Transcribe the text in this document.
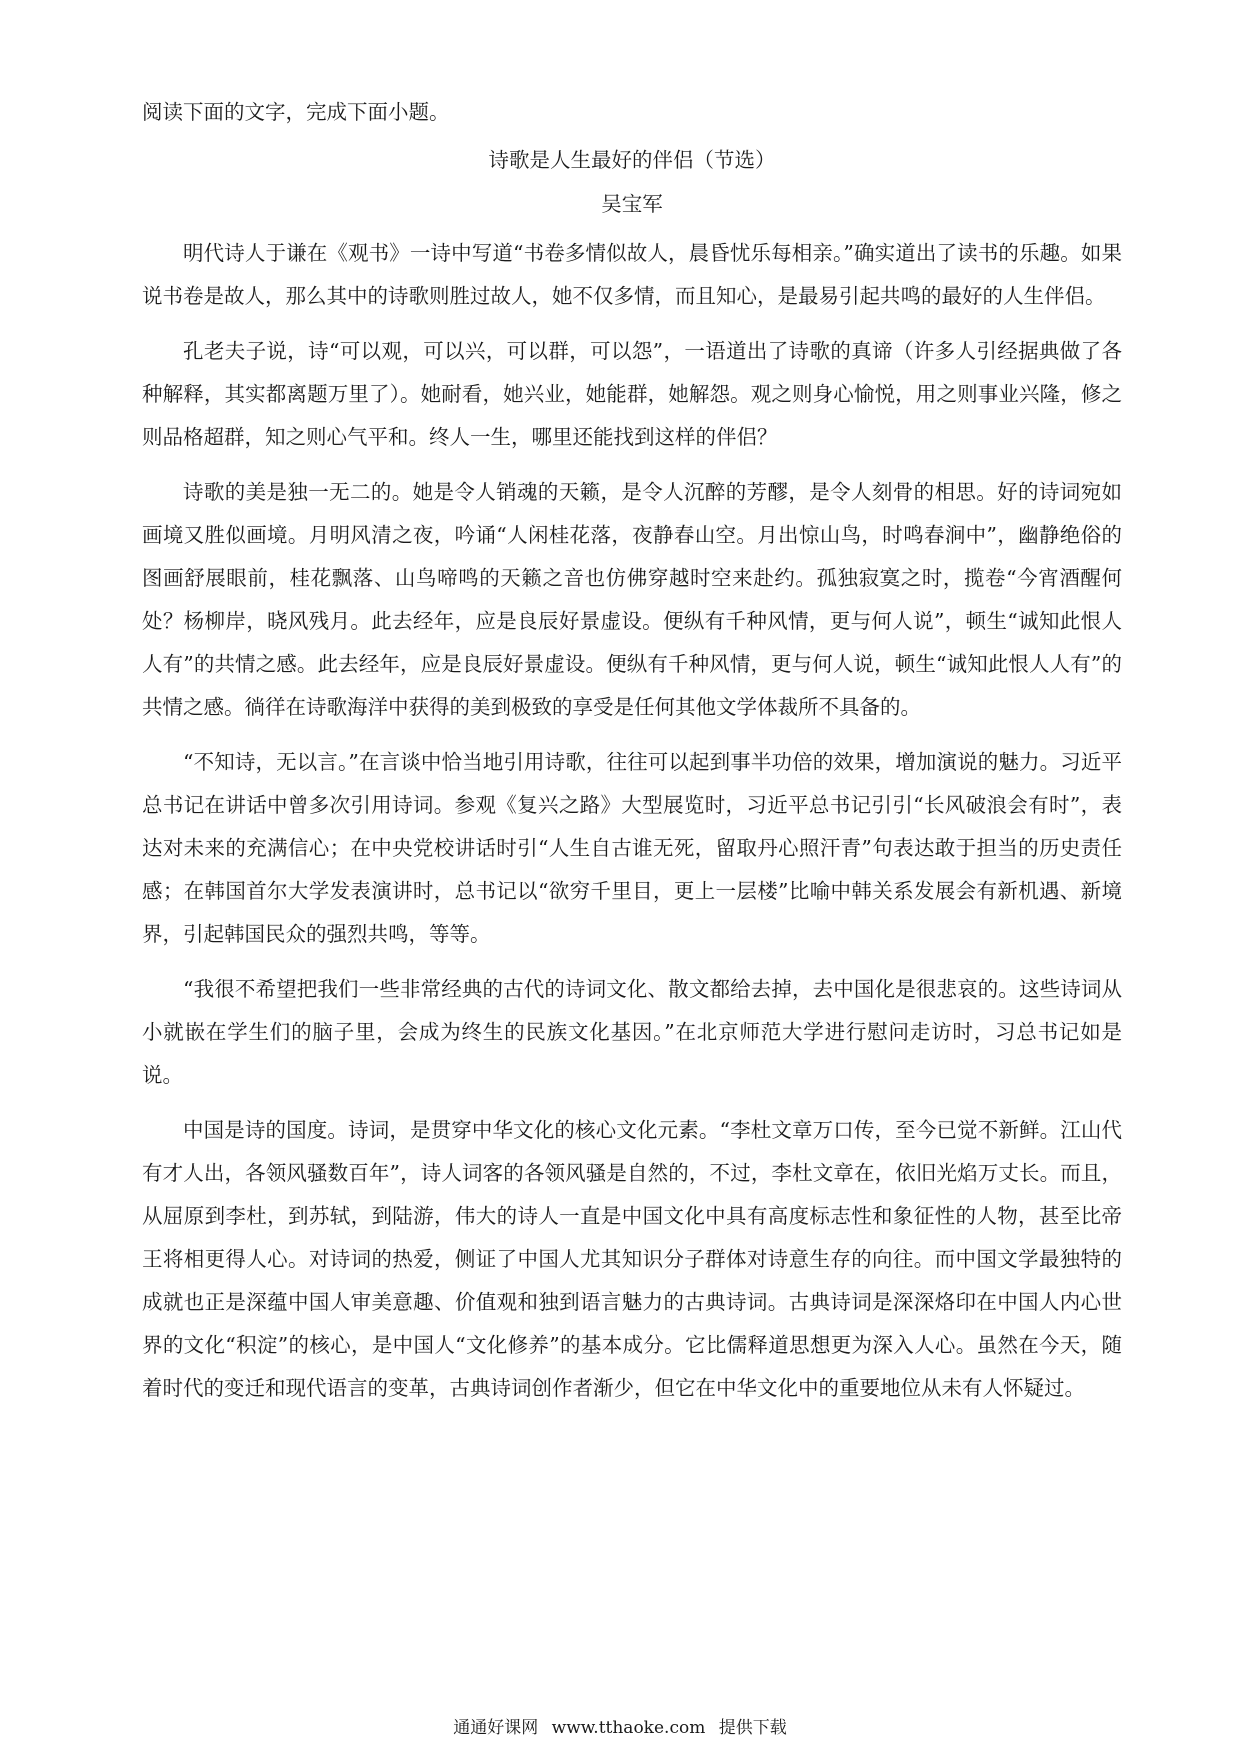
阅读下面的文字，完成下面小题。

诗歌是人生最好的伴侣（节选）
吴宝军

明代诗人于谦在《观书》一诗中写道“书卷多情似故人，晨昏忧乐每相亲。”确实道出了读书的乐趣。如果说书卷是故人，那么其中的诗歌则胜过故人，她不仅多情，而且知心，是最易引起共鸣的最好的人生伴侣。

孔老夫子说，诗“可以观，可以兴，可以群，可以怨”，一语道出了诗歌的真谛（许多人引经据典做了各种解释，其实都离题万里了）。她耐看，她兴业，她能群，她解怨。观之则身心愉悦，用之则事业兴隆，修之则品格超群，知之则心气平和。终人一生，哪里还能找到这样的伴侣？

诗歌的美是独一无二的。她是令人销魂的天籁，是令人沉醉的芳醪，是令人刻骨的相思。好的诗词宛如画境又胜似画境。月明风清之夜，吟诵“人闲桂花落，夜静春山空。月出惊山鸟，时鸣春涧中”，幽静绝俗的图画舒展眼前，桂花飘落、山鸟啼鸣的天籁之音也仿佛穿越时空来赴约。孤独寂寞之时，揽卷“今宵酒醒何处？杨柳岸，晓风残月。此去经年，应是良辰好景虚设。便纵有千种风情，更与何人说”，顿生“诚知此恨人人有”的共情之感。此去经年，应是良辰好景虚设。便纵有千种风情，更与何人说，顿生“诚知此恨人人有”的共情之感。徜徉在诗歌海洋中获得的美到极致的享受是任何其他文学体裁所不具备的。

“不知诗，无以言。”在言谈中恰当地引用诗歌，往往可以起到事半功倍的效果，增加演说的魅力。习近平总书记在讲话中曾多次引用诗词。参观《复兴之路》大型展览时，习近平总书记引引“长风破浪会有时”，表达对未来的充满信心；在中央党校讲话时引“人生自古谁无死，留取丹心照汗青”句表达敢于担当的历史责任感；在韩国首尔大学发表演讲时，总书记以“欲穷千里目，更上一层楼”比喻中韩关系发展会有新机遇、新境界，引起韩国民众的强烈共鸣，等等。

“我很不希望把我们一些非常经典的古代的诗词文化、散文都给去掉，去中国化是很悲哀的。这些诗词从小就嵌在学生们的脑子里，会成为终生的民族文化基因。”在北京师范大学进行慰问走访时，习总书记如是说。

中国是诗的国度。诗词，是贯穿中华文化的核心文化元素。“李杜文章万口传，至今已觉不新鲜。江山代有才人出，各领风骚数百年”，诗人词客的各领风骚是自然的，不过，李杜文章在，依旧光焰万丈长。而且，从屈原到李杜，到苏轼，到陆游，伟大的诗人一直是中国文化中具有高度标志性和象征性的人物，甚至比帝王将相更得人心。对诗词的热爱，侧证了中国人尤其知识分子群体对诗意生存的向往。而中国文学最独特的成就也正是深蕴中国人审美意趣、价值观和独到语言魅力的古典诗词。古典诗词是深深烙印在中国人内心世界的文化“积淀”的核心，是中国人“文化修养”的基本成分。它比儒释道思想更为深入人心。虽然在今天，随着时代的变迁和现代语言的变革，古典诗词创作者渐少，但它在中华文化中的重要地位从未有人怀疑过。

通通好课网 www.tthaoke.com 提供下载
